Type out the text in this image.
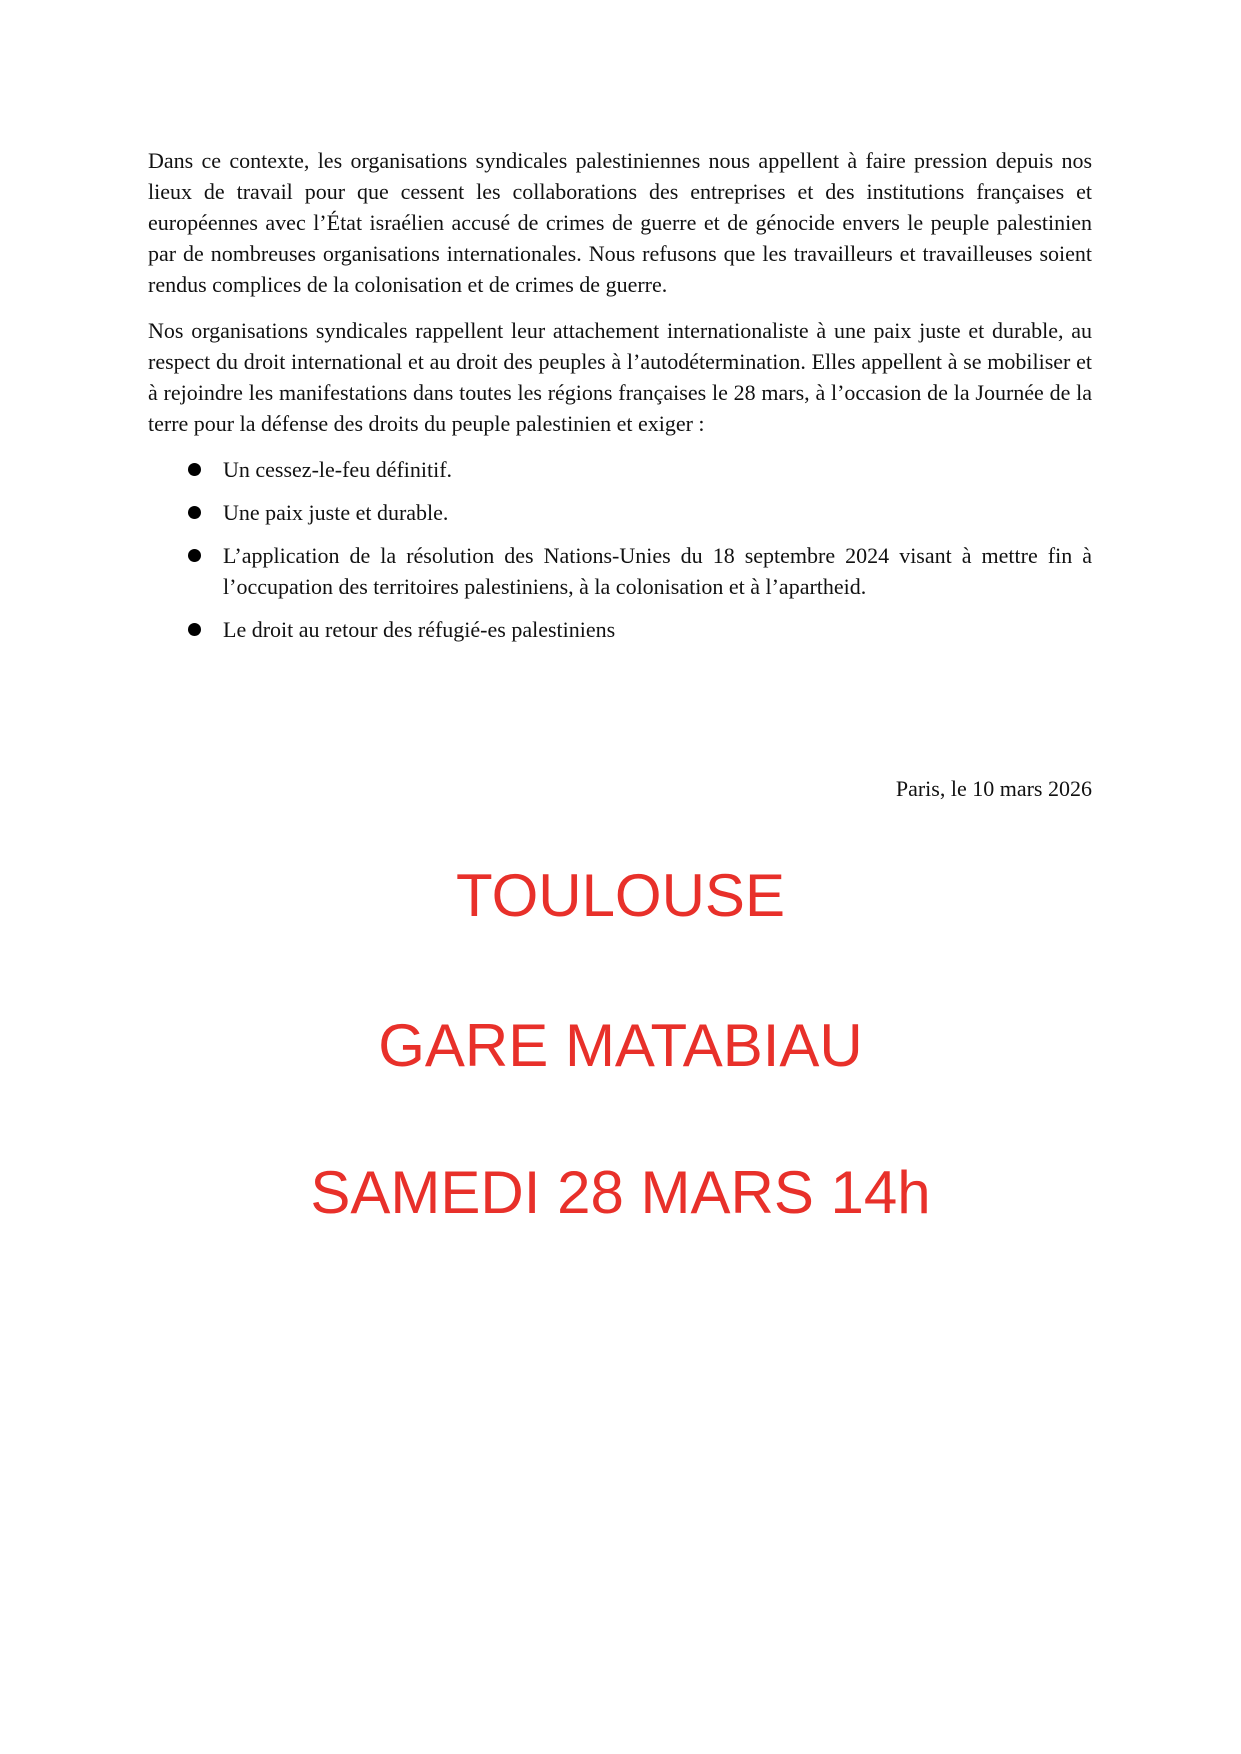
Dans ce contexte, les organisations syndicales palestiniennes nous appellent à faire pression depuis nos lieux de travail pour que cessent les collaborations des entreprises et des institutions françaises et européennes avec l’État israélien accusé de crimes de guerre et de génocide envers le peuple palestinien par de nombreuses organisations internationales. Nous refusons que les travailleurs et travailleuses soient rendus complices de la colonisation et de crimes de guerre.

Nos organisations syndicales rappellent leur attachement internationaliste à une paix juste et durable, au respect du droit international et au droit des peuples à l’autodétermination. Elles appellent à se mobiliser et à rejoindre les manifestations dans toutes les régions françaises le 28 mars, à l’occasion de la Journée de la terre pour la défense des droits du peuple palestinien et exiger :

Un cessez-le-feu définitif.
Une paix juste et durable.
L’application de la résolution des Nations-Unies du 18 septembre 2024 visant à mettre fin à l’occupation des territoires palestiniens, à la colonisation et à l’apartheid.
Le droit au retour des réfugié-es palestiniens
Paris, le 10 mars 2026
TOULOUSE
GARE MATABIAU
SAMEDI 28 MARS 14h
